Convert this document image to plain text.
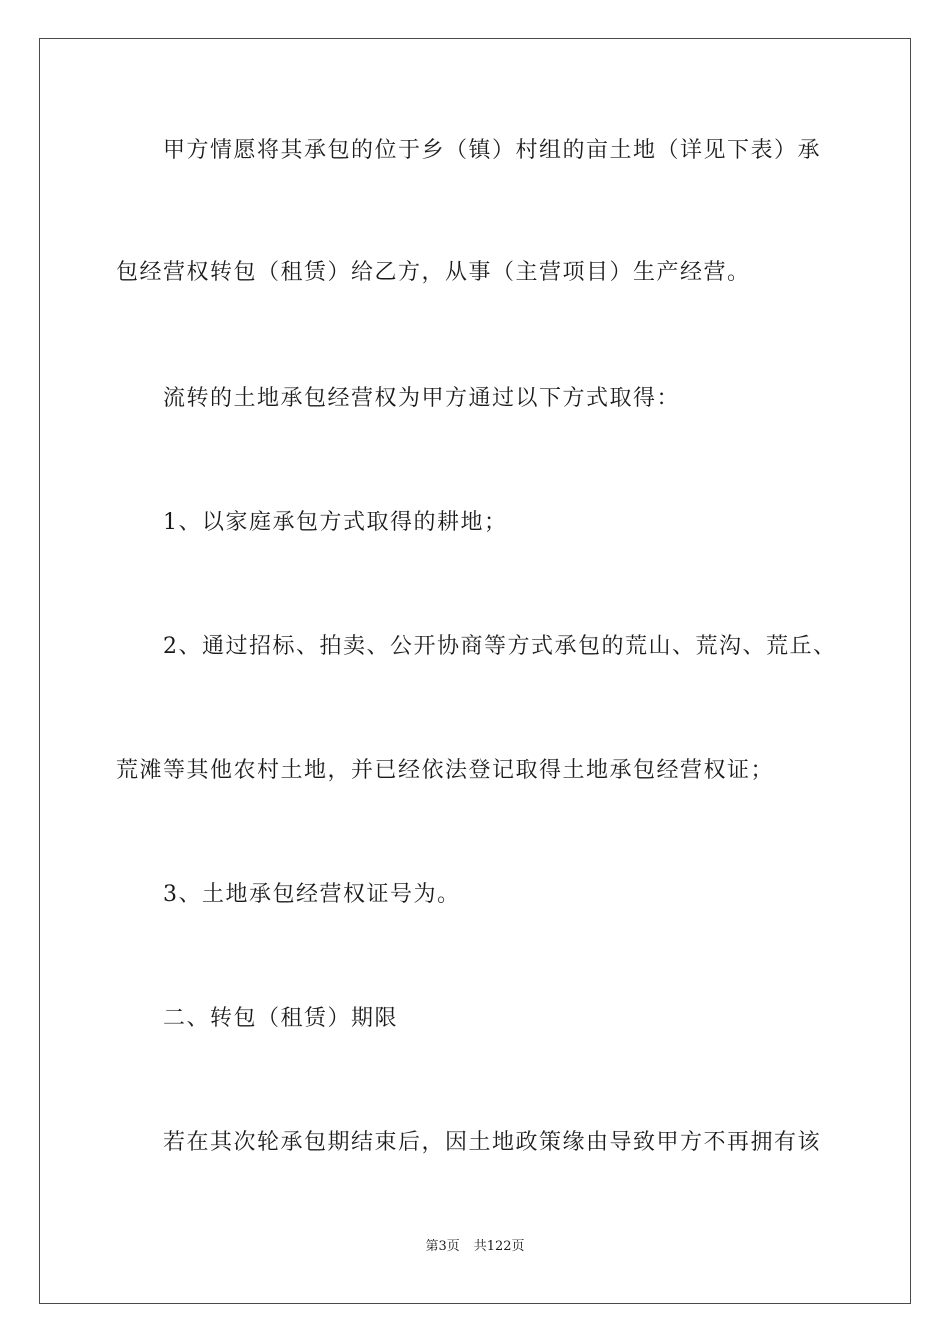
甲方情愿将其承包的位于乡（镇）村组的亩土地（详见下表）承
包经营权转包（租赁）给乙方，从事（主营项目）生产经营。
流转的土地承包经营权为甲方通过以下方式取得：
1、以家庭承包方式取得的耕地；
2、通过招标、拍卖、公开协商等方式承包的荒山、荒沟、荒丘、
荒滩等其他农村土地，并已经依法登记取得土地承包经营权证；
3、土地承包经营权证号为。
二、转包（租赁）期限
若在其次轮承包期结束后，因土地政策缘由导致甲方不再拥有该
第3页 共122页
